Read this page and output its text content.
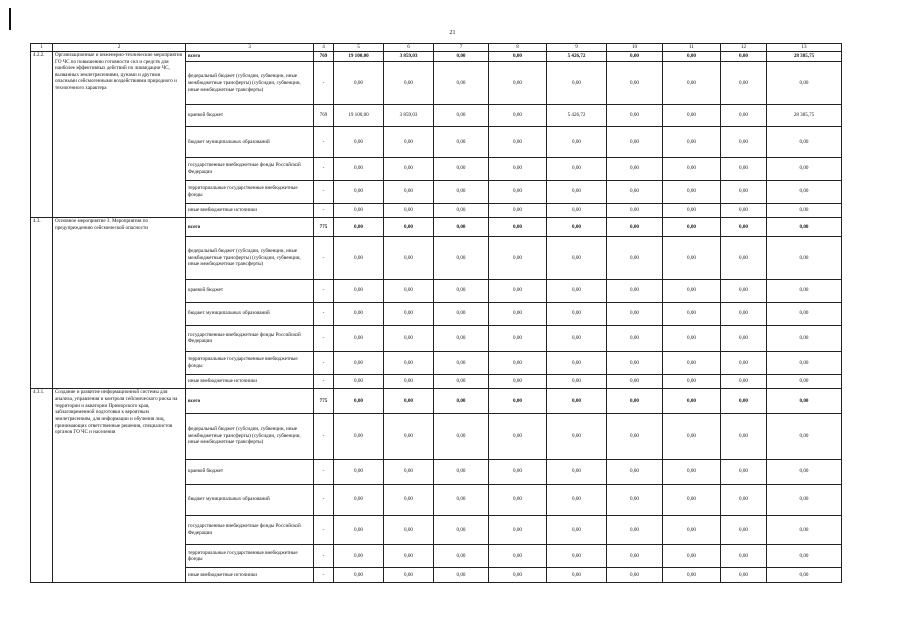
21
1	2	3	4	5	6	7	8	9	10	11	12	13
4.2.2.	Организационные и инженерно-технические мероприятия ГО ЧС по повышению готовности сил и средств для наиболее эффективных действий по ликвидации ЧС, вызванных землетрясениями, цунами и другими опасными сейсмогенными воздействиями природного и техногенного характера	всего	769	19 100,00	3 859,03	0,00	0,00	5 426,72	0,00	0,00	0,00	28 385,75
		федеральный бюджет (субсидии, субвенции, иные межбюджетные трансферты) (субсидии, субвенции, иные межбюджетные трансферты)	-	0,00	0,00	0,00	0,00	0,00	0,00	0,00	0,00	0,00
		краевой бюджет	769	19 100,00	3 859,03	0,00	0,00	5 426,72	0,00	0,00	0,00	28 385,75
		бюджет муниципальных образований	-	0,00	0,00	0,00	0,00	0,00	0,00	0,00	0,00	0,00
		государственные внебюджетные фонды Российской Федерации	-	0,00	0,00	0,00	0,00	0,00	0,00	0,00	0,00	0,00
		территориальные государственные внебюджетные фонды	-	0,00	0,00	0,00	0,00	0,00	0,00	0,00	0,00	0,00
		иные внебюджетные источники	-	0,00	0,00	0,00	0,00	0,00	0,00	0,00	0,00	0,00
4.3.	Основное мероприятие 3. Мероприятия по предупреждению сейсмической опасности	всего	775	0,00	0,00	0,00	0,00	0,00	0,00	0,00	0,00	0,00
		федеральный бюджет (субсидии, субвенции, иные межбюджетные трансферты) (субсидии, субвенции, иные межбюджетные трансферты)	-	0,00	0,00	0,00	0,00	0,00	0,00	0,00	0,00	0,00
		краевой бюджет	-	0,00	0,00	0,00	0,00	0,00	0,00	0,00	0,00	0,00
		бюджет муниципальных образований	-	0,00	0,00	0,00	0,00	0,00	0,00	0,00	0,00	0,00
		государственные внебюджетные фонды Российской Федерации	-	0,00	0,00	0,00	0,00	0,00	0,00	0,00	0,00	0,00
		территориальные государственные внебюджетные фонды	-	0,00	0,00	0,00	0,00	0,00	0,00	0,00	0,00	0,00
		иные внебюджетные источники	-	0,00	0,00	0,00	0,00	0,00	0,00	0,00	0,00	0,00
4.3.1.	Создание и развитие информационной системы для анализа, управления и контроля сейсмического риска на территории и акватории Приморского края, заблаговременной подготовки к вероятным землетрясениям, для информации и обучения лиц, принимающих ответственные решения, специалистов органов ГО ЧС и населения	всего	775	0,00	0,00	0,00	0,00	0,00	0,00	0,00	0,00	0,00
		федеральный бюджет (субсидии, субвенции, иные межбюджетные трансферты) (субсидии, субвенции, иные межбюджетные трансферты)	-	0,00	0,00	0,00	0,00	0,00	0,00	0,00	0,00	0,00
		краевой бюджет	-	0,00	0,00	0,00	0,00	0,00	0,00	0,00	0,00	0,00
		бюджет муниципальных образований	-	0,00	0,00	0,00	0,00	0,00	0,00	0,00	0,00	0,00
		государственные внебюджетные фонды Российской Федерации	-	0,00	0,00	0,00	0,00	0,00	0,00	0,00	0,00	0,00
		территориальные государственные внебюджетные фонды	-	0,00	0,00	0,00	0,00	0,00	0,00	0,00	0,00	0,00
		иные внебюджетные источники	-	0,00	0,00	0,00	0,00	0,00	0,00	0,00	0,00	0,00
